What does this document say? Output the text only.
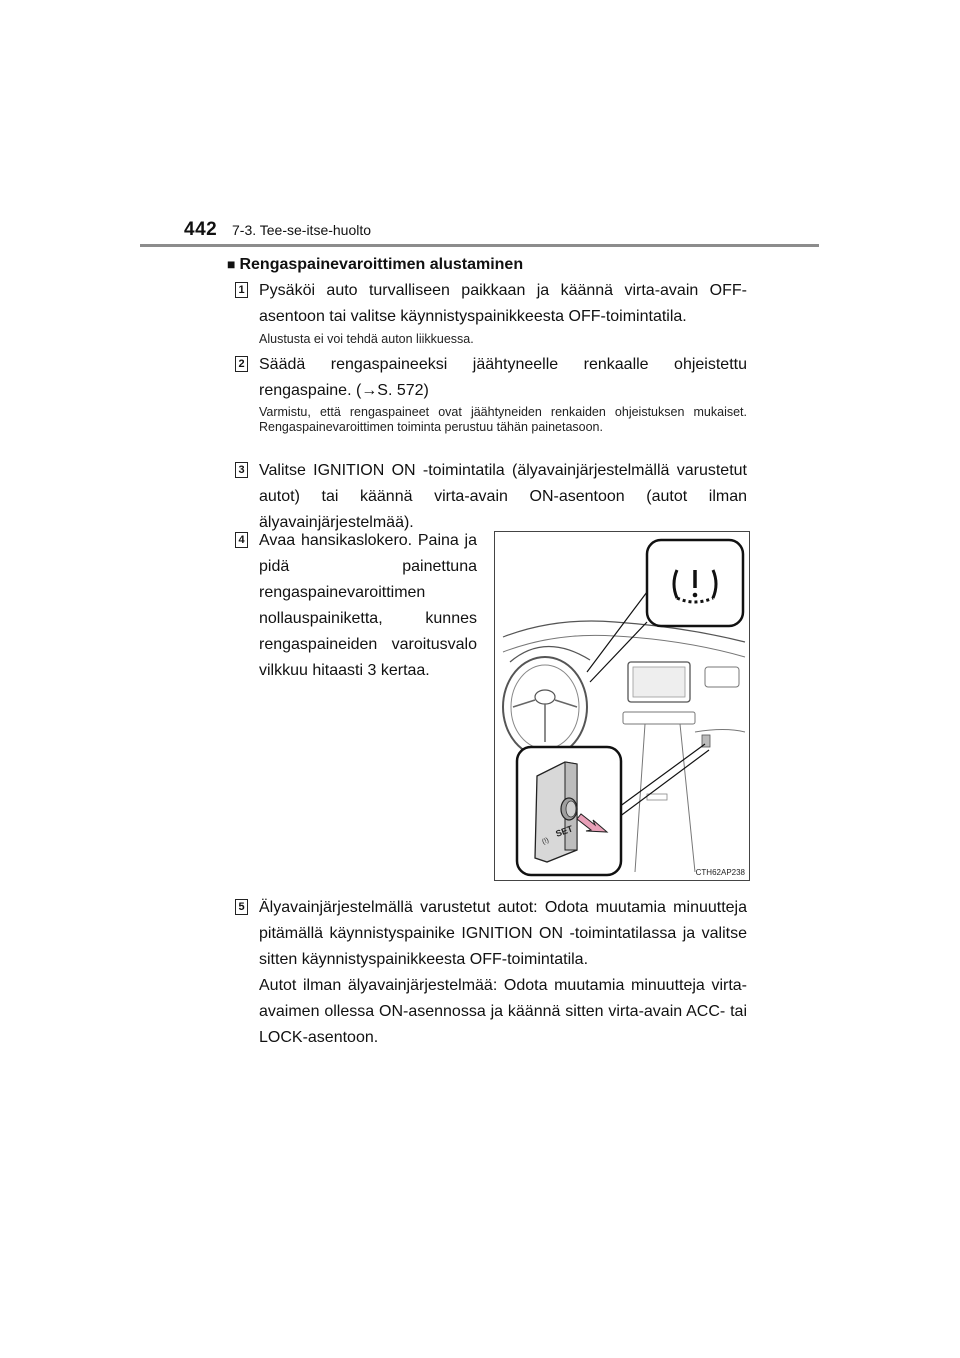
442 7-3. Tee-se-itse-huolto
■ Rengaspainevaroittimen alustaminen
1 Pysäköi auto turvalliseen paikkaan ja käännä virta-avain OFF-asentoon tai valitse käynnistyspainikkeesta OFF-toimintatila.
Alustusta ei voi tehdä auton liikkuessa.
2 Säädä rengaspaineeksi jäähtyneelle renkaalle ohjeistettu rengaspaine. (→S. 572)
Varmistu, että rengaspaineet ovat jäähtyneiden renkaiden ohjeistuksen mukaiset. Rengaspainevaroittimen toiminta perustuu tähän painetasoon.
3 Valitse IGNITION ON -toimintatila (älyavainjärjestelmällä varustetut autot) tai käännä virta-avain ON-asentoon (autot ilman älyavainjärjestelmää).
4 Avaa hansikaslokero. Paina ja pidä painettuna rengaspainevaroittimen nollauspainiketta, kunnes rengaspaineiden varoitusvalo vilkkuu hitaasti 3 kertaa.
SET
(!)
CTH62AP238
5 Älyavainjärjestelmällä varustetut autot: Odota muutamia minuutteja pitämällä käynnistyspainike IGNITION ON -toimintatilassa ja valitse sitten käynnistyspainikkeesta OFF-toimintatila.
Autot ilman älyavainjärjestelmää: Odota muutamia minuutteja virta-avaimen ollessa ON-asennossa ja käännä sitten virta-avain ACC- tai LOCK-asentoon.
